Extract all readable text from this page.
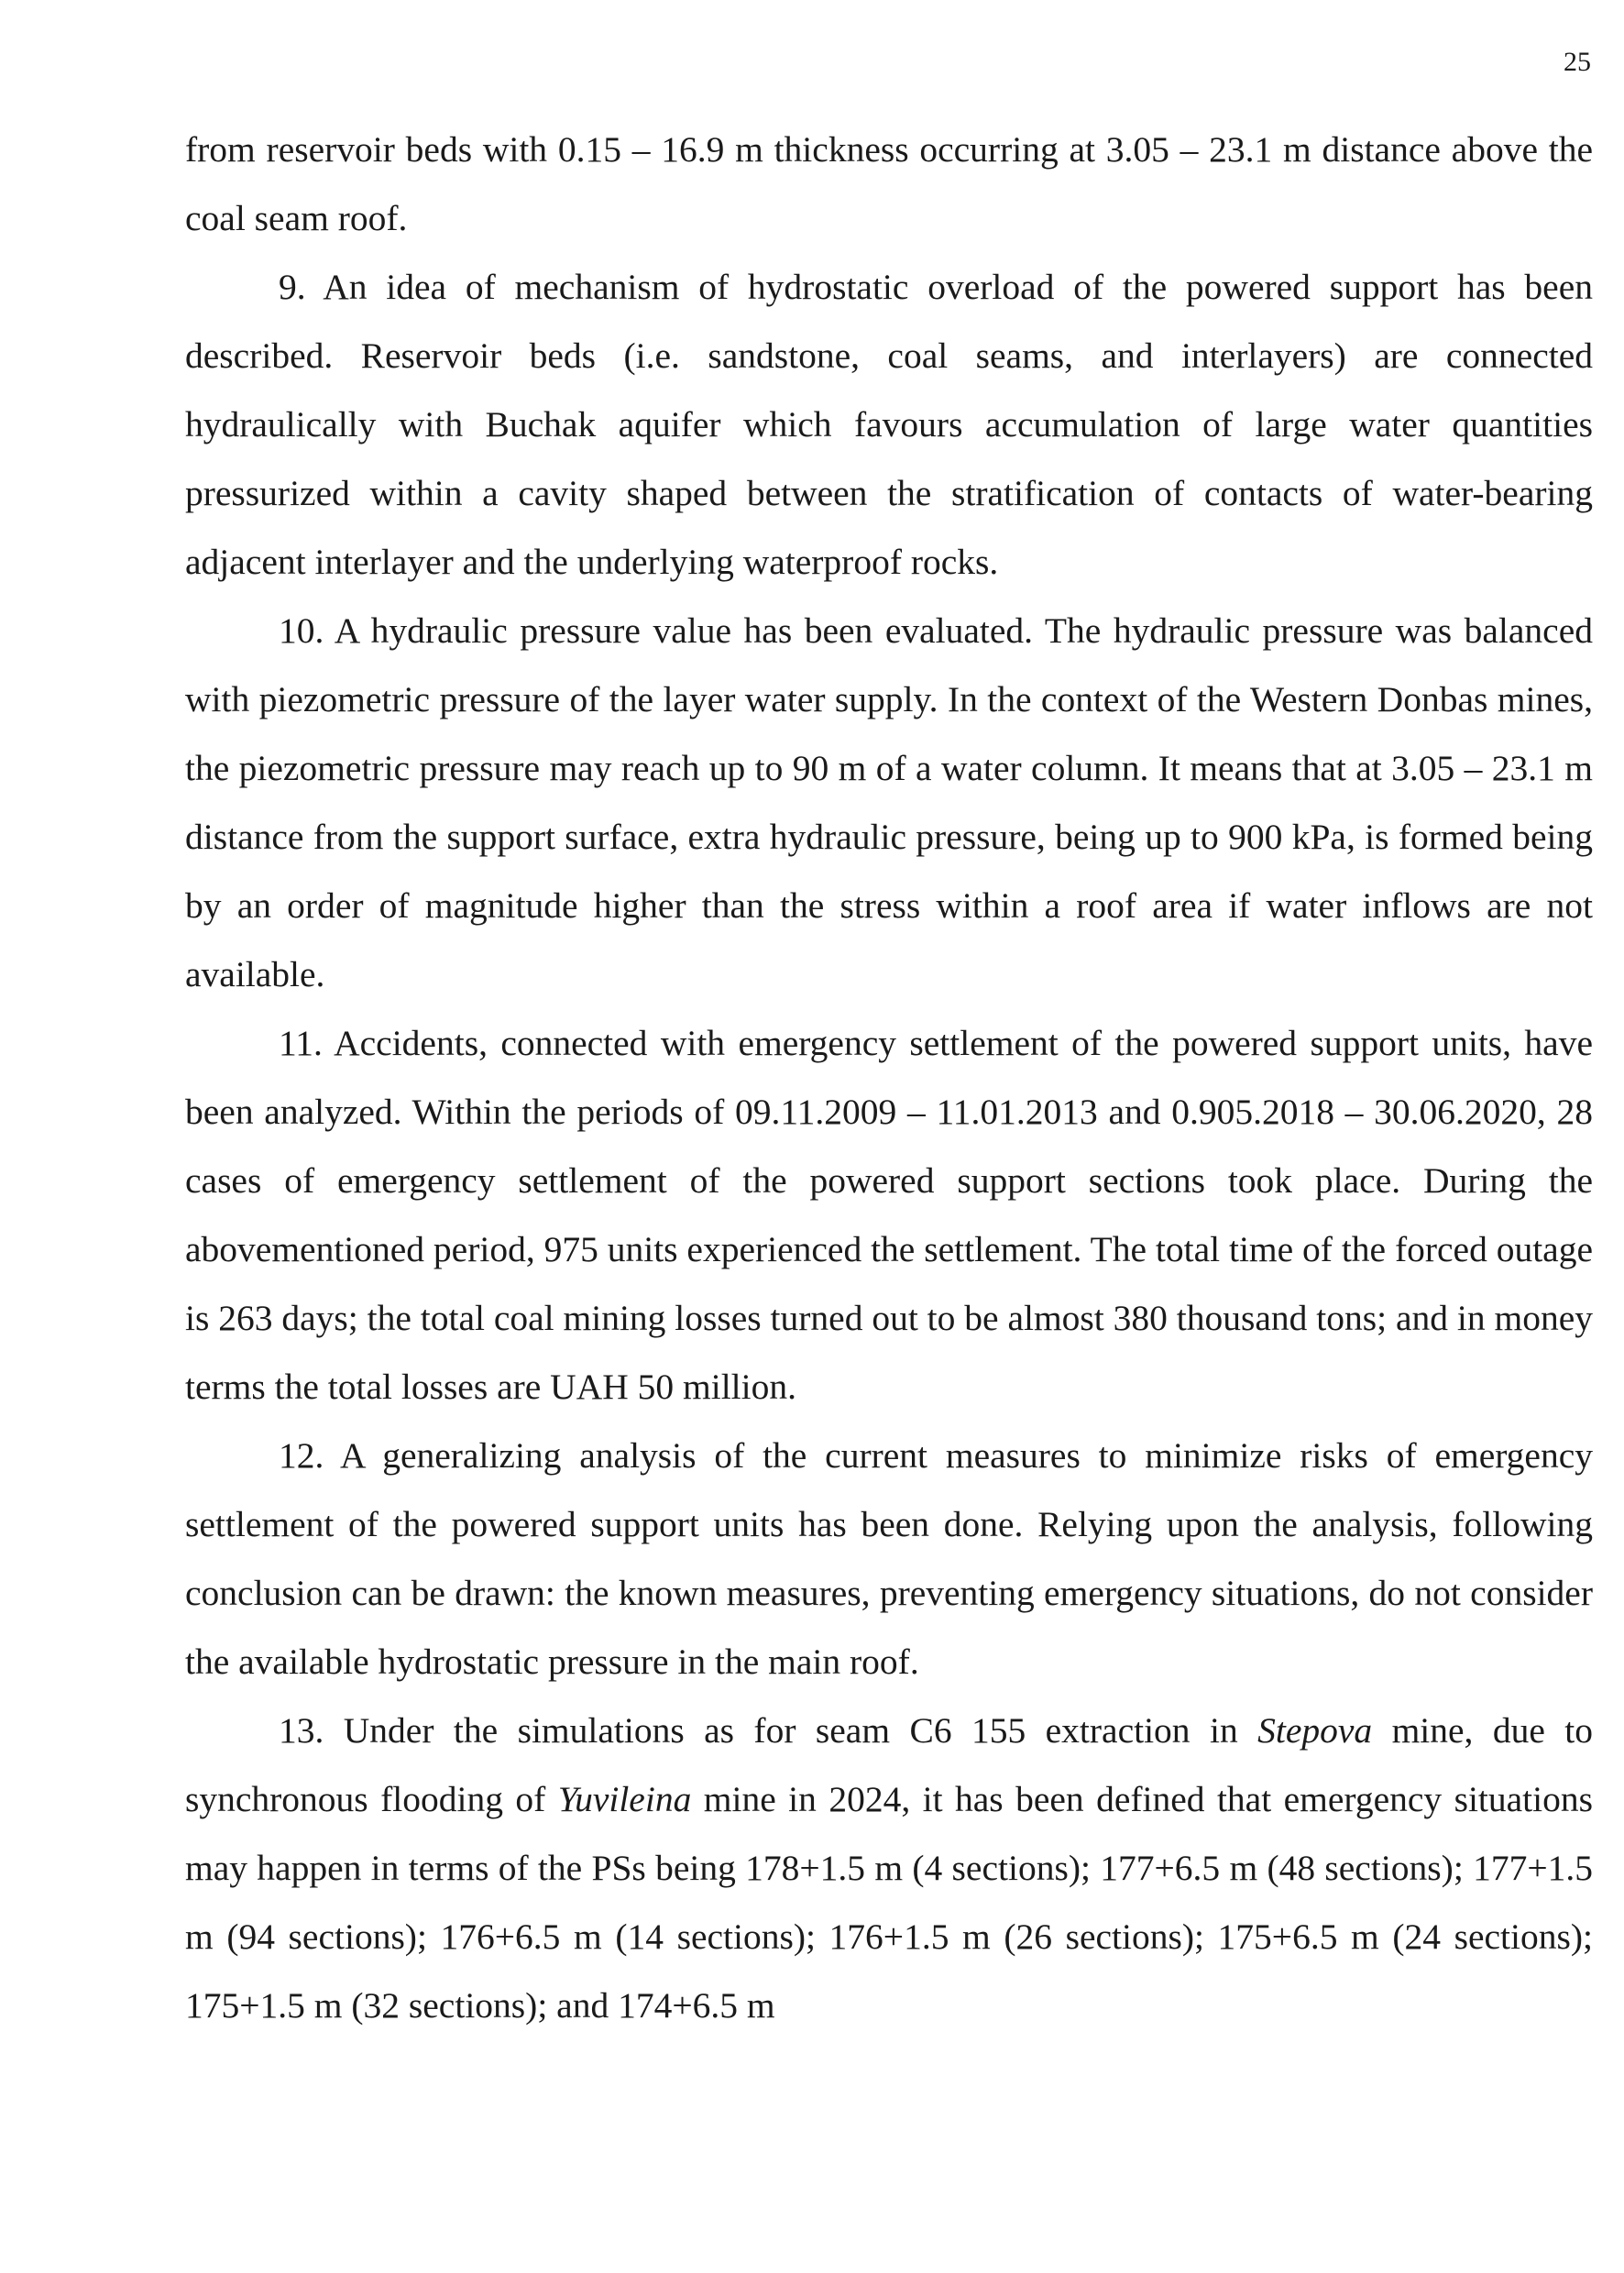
25

from reservoir beds with 0.15 – 16.9 m thickness occurring at 3.05 – 23.1 m distance above the coal seam roof.

9. An idea of mechanism of hydrostatic overload of the powered support has been described. Reservoir beds (i.e. sandstone, coal seams, and interlayers) are connected hydraulically with Buchak aquifer which favours accumulation of large water quantities pressurized within a cavity shaped between the stratification of contacts of water-bearing adjacent interlayer and the underlying waterproof rocks.

10. A hydraulic pressure value has been evaluated. The hydraulic pressure was balanced with piezometric pressure of the layer water supply. In the context of the Western Donbas mines, the piezometric pressure may reach up to 90 m of a water column. It means that at 3.05 – 23.1 m distance from the support surface, extra hydraulic pressure, being up to 900 kPa, is formed being by an order of magnitude higher than the stress within a roof area if water inflows are not available.

11. Accidents, connected with emergency settlement of the powered support units, have been analyzed. Within the periods of 09.11.2009 – 11.01.2013 and 0.905.2018 – 30.06.2020, 28 cases of emergency settlement of the powered support sections took place. During the abovementioned period, 975 units experienced the settlement. The total time of the forced outage is 263 days; the total coal mining losses turned out to be almost 380 thousand tons; and in money terms the total losses are UAH 50 million.

12. A generalizing analysis of the current measures to minimize risks of emergency settlement of the powered support units has been done. Relying upon the analysis, following conclusion can be drawn: the known measures, preventing emergency situations, do not consider the available hydrostatic pressure in the main roof.

13. Under the simulations as for seam C6 155 extraction in Stepova mine, due to synchronous flooding of Yuvileina mine in 2024, it has been defined that emergency situations may happen in terms of the PSs being 178+1.5 m (4 sections); 177+6.5 m (48 sections); 177+1.5 m (94 sections); 176+6.5 m (14 sections); 176+1.5 m (26 sections); 175+6.5 m (24 sections); 175+1.5 m (32 sections); and 174+6.5 m
